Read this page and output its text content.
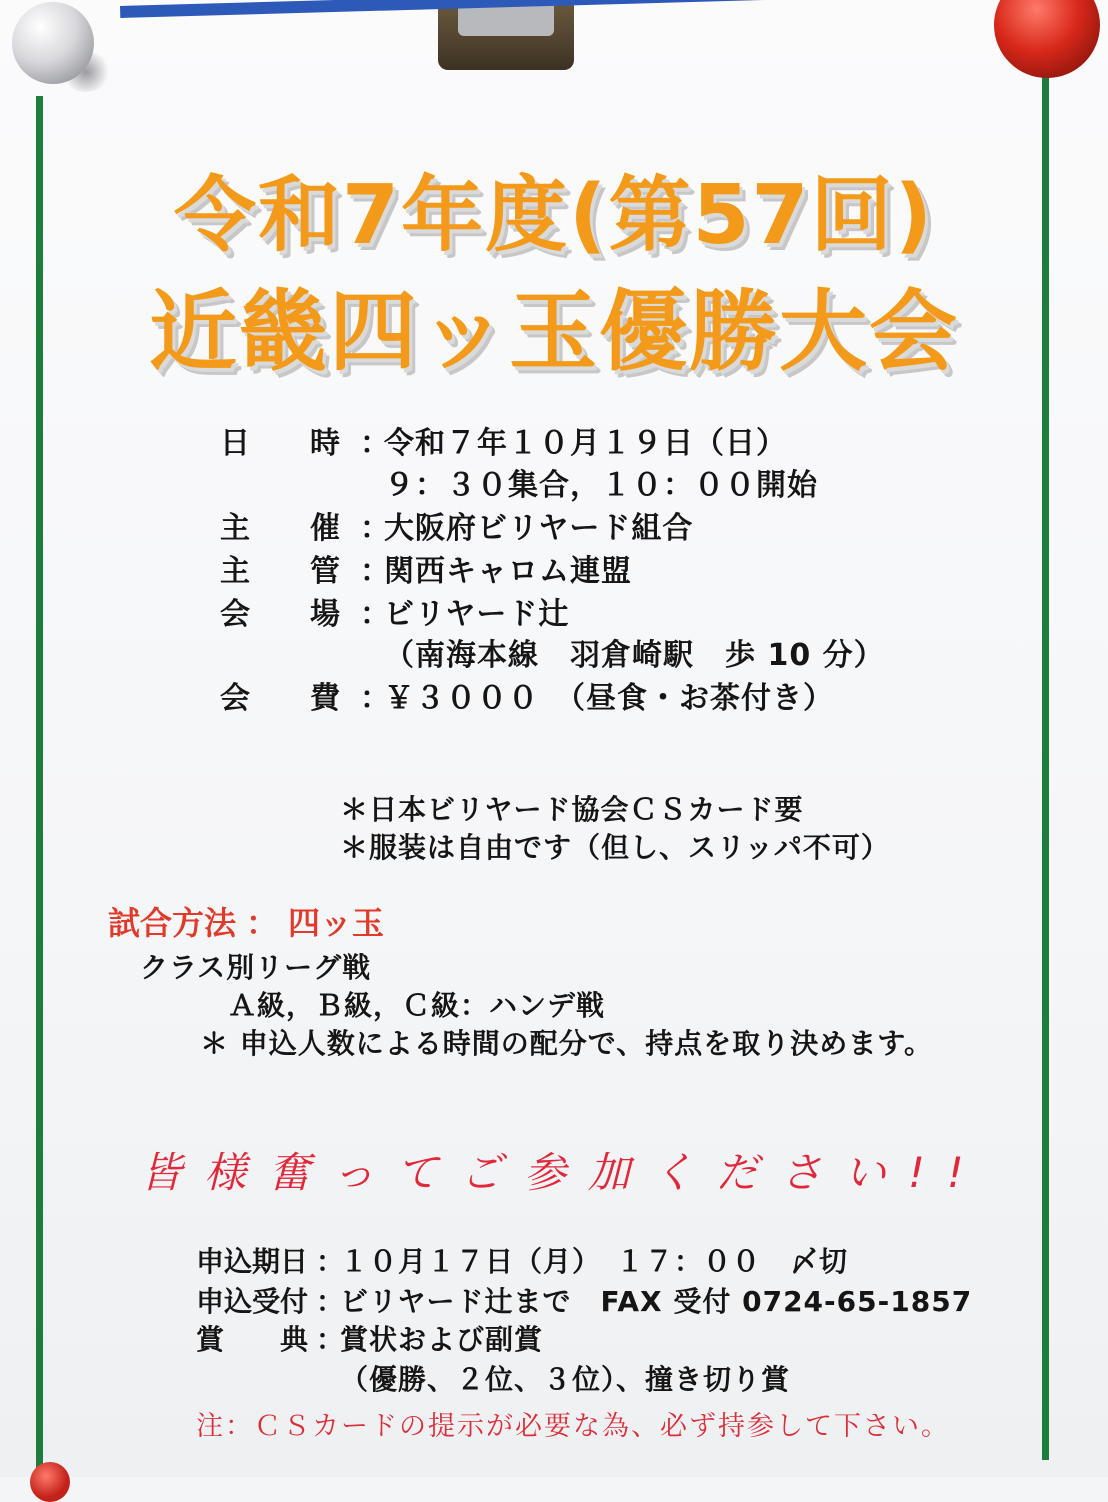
令和7年度(第57回)
近畿四ッ玉優勝大会
日　　時 ：
令和７年１０月１９日（日）
９：３０集合，１０：００開始
主　　催 ：
大阪府ビリヤード組合
主　　管 ：
関西キャロム連盟
会　　場 ：
ビリヤード辻
（南海本線　羽倉崎駅　歩 10 分）
会　　費 ：
￥３０００　（昼食・お茶付き）
＊日本ビリヤード協会ＣＳカード要
＊服装は自由です（但し、スリッパ不可）
試合方法 ： 四ッ玉
クラス別リーグ戦
Ａ級，Ｂ級，Ｃ級：ハンデ戦
＊ 申込人数による時間の配分で、持点を取り決めます。
皆様奮ってご参加ください!!
申込期日 ：
１０月１７日（月）　１７：００　〆切
申込受付 ：
ビリヤード辻まで　FAX 受付 0724-65-1857
賞　　典 ：
賞状および副賞
（優勝、２位、３位）、撞き切り賞
注：ＣＳカードの提示が必要な為、必ず持参して下さい。
